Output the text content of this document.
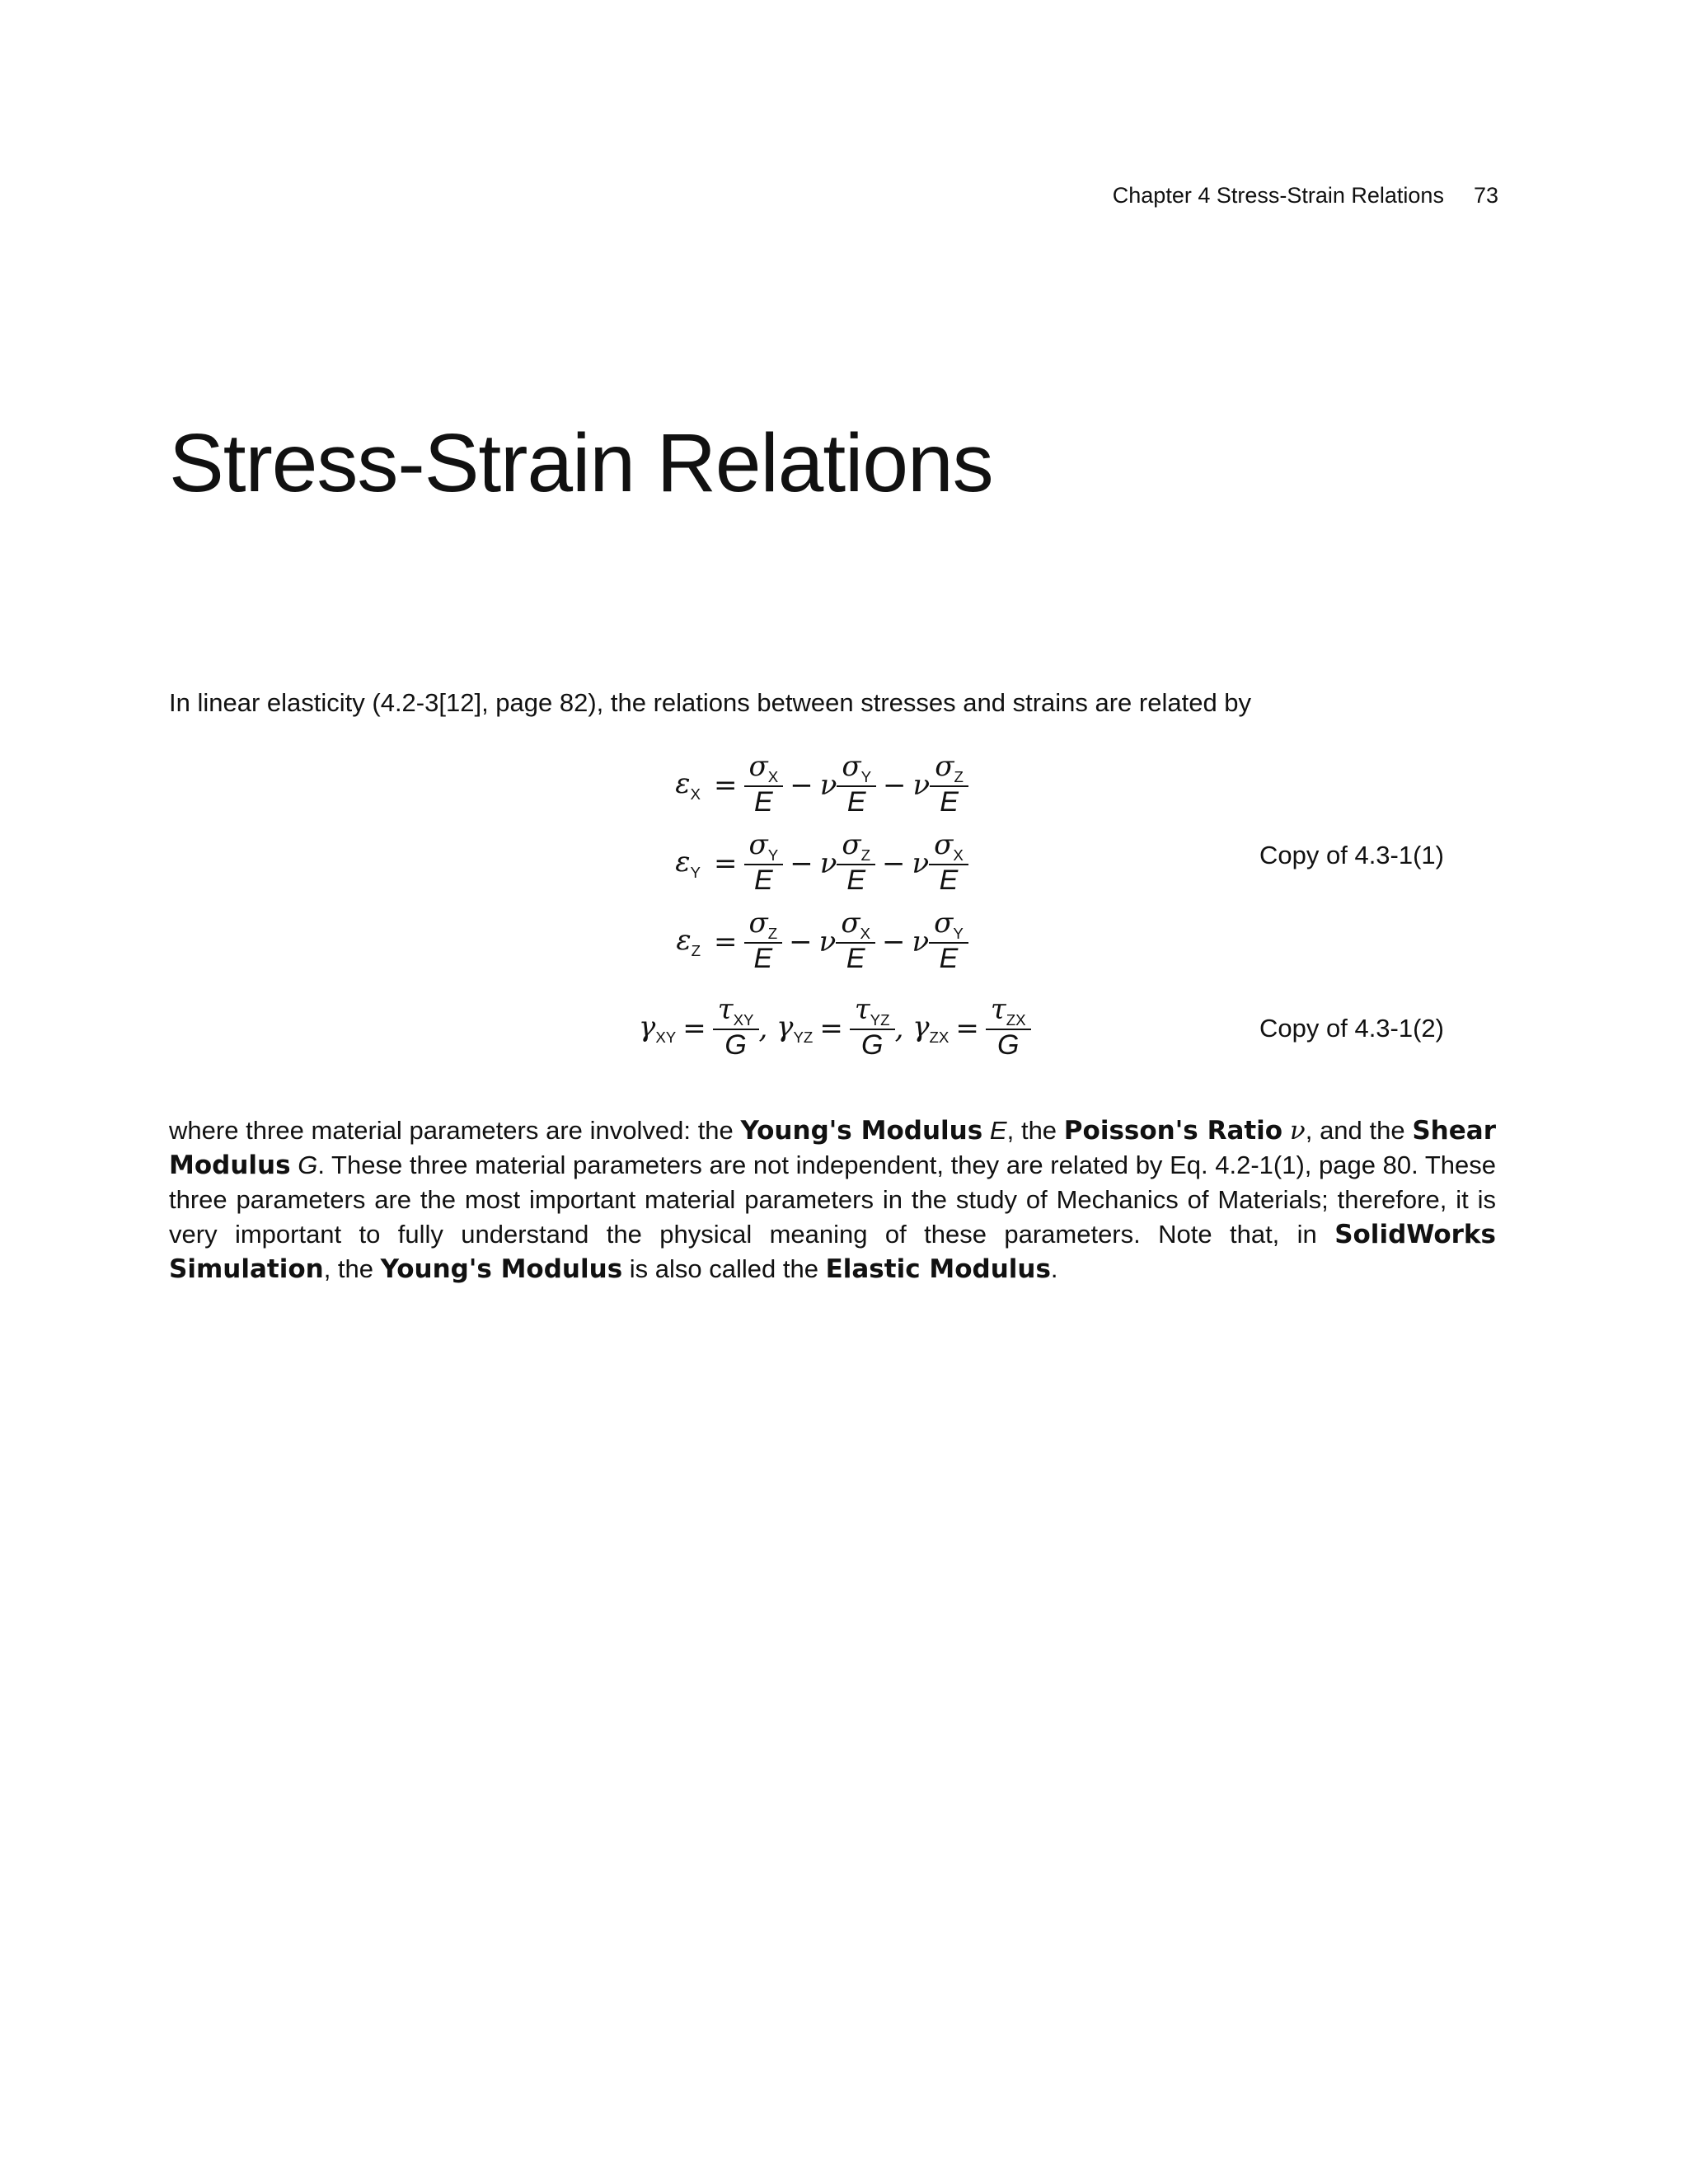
Chapter 4 Stress-Strain Relations 73
Stress-Strain Relations
In linear elasticity (4.2-3[12], page 82), the relations between stresses and strains are related by
$\varepsilon_X = \frac{\sigma_X}{E} - \nu \frac{\sigma_Y}{E} - \nu \frac{\sigma_Z}{E}$
$\varepsilon_Y = \frac{\sigma_Y}{E} - \nu \frac{\sigma_Z}{E} - \nu \frac{\sigma_X}{E}$
$\varepsilon_Z = \frac{\sigma_Z}{E} - \nu \frac{\sigma_X}{E} - \nu \frac{\sigma_Y}{E}$
Copy of 4.3-1(1)
$\gamma_{XY} = \frac{\tau_{XY}}{G}$ ,
$\gamma_{YZ} = \frac{\tau_{YZ}}{G}$ ,
$\gamma_{ZX} = \frac{\tau_{ZX}}{G}$	Copy of 4.3-1(2)

where three material parameters are involved: the Young's Modulus E, the Poisson's Ratio ν, and the Shear Modulus G. These three material parameters are not independent, they are related by Eq. 4.2-1(1), page 80. These three parameters are the most important material parameters in the study of Mechanics of Materials; therefore, it is very important to fully understand the physical meaning of these parameters. Note that, in SolidWorks Simulation, the Young's Modulus is also called the Elastic Modulus.
